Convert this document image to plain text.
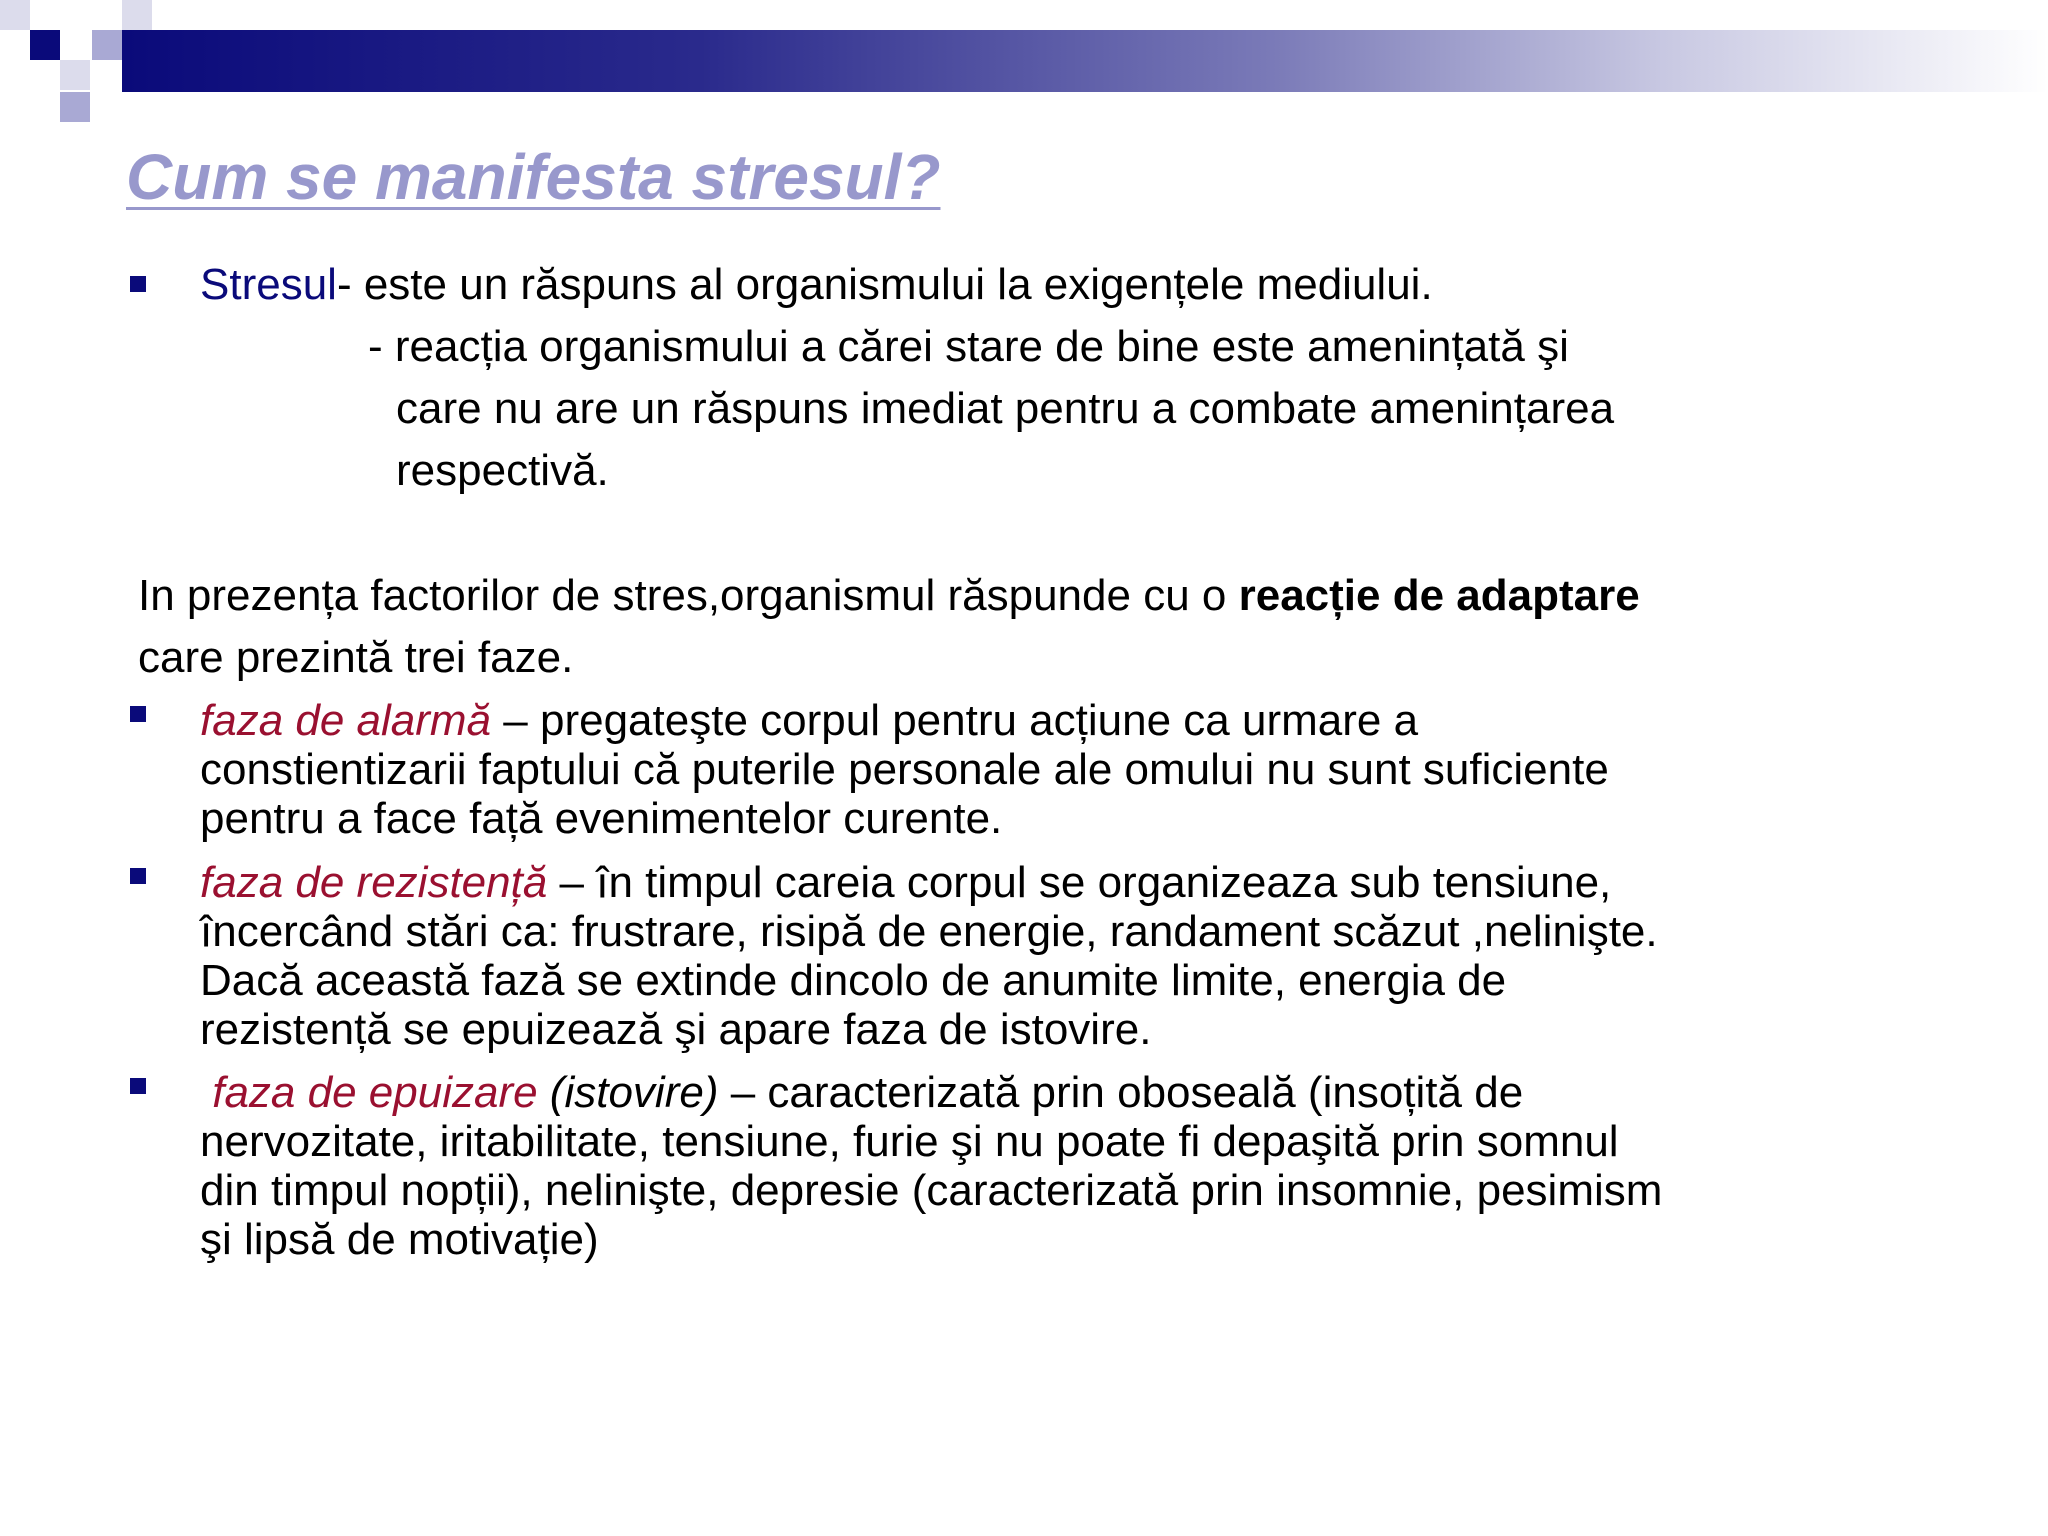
Cum se manifesta stresul?
Stresul- este un răspuns al organismului la exigențele mediului.
- reacția organismului a cărei stare de bine este amenințată şi
care nu are un răspuns imediat pentru a combate amenințarea
respectivă.
In prezența factorilor de stres,organismul răspunde cu o reacție de adaptare
care prezintă trei faze.
faza de alarmă – pregateşte corpul pentru acțiune ca urmare a
constientizarii faptului că puterile personale ale omului nu sunt suficiente
pentru a face față evenimentelor curente.
faza de rezistență – în timpul careia corpul se organizeaza sub tensiune,
încercând stări ca: frustrare, risipă de energie, randament scăzut ,nelinişte.
Dacă această fază se extinde dincolo de anumite limite, energia de
rezistență se epuizează şi apare faza de istovire.
faza de epuizare (istovire) – caracterizată prin oboseală (insoțită de
nervozitate, iritabilitate, tensiune, furie şi nu poate fi depaşită prin somnul
din timpul nopții), nelinişte, depresie (caracterizată prin insomnie, pesimism
şi lipsă de motivație)
